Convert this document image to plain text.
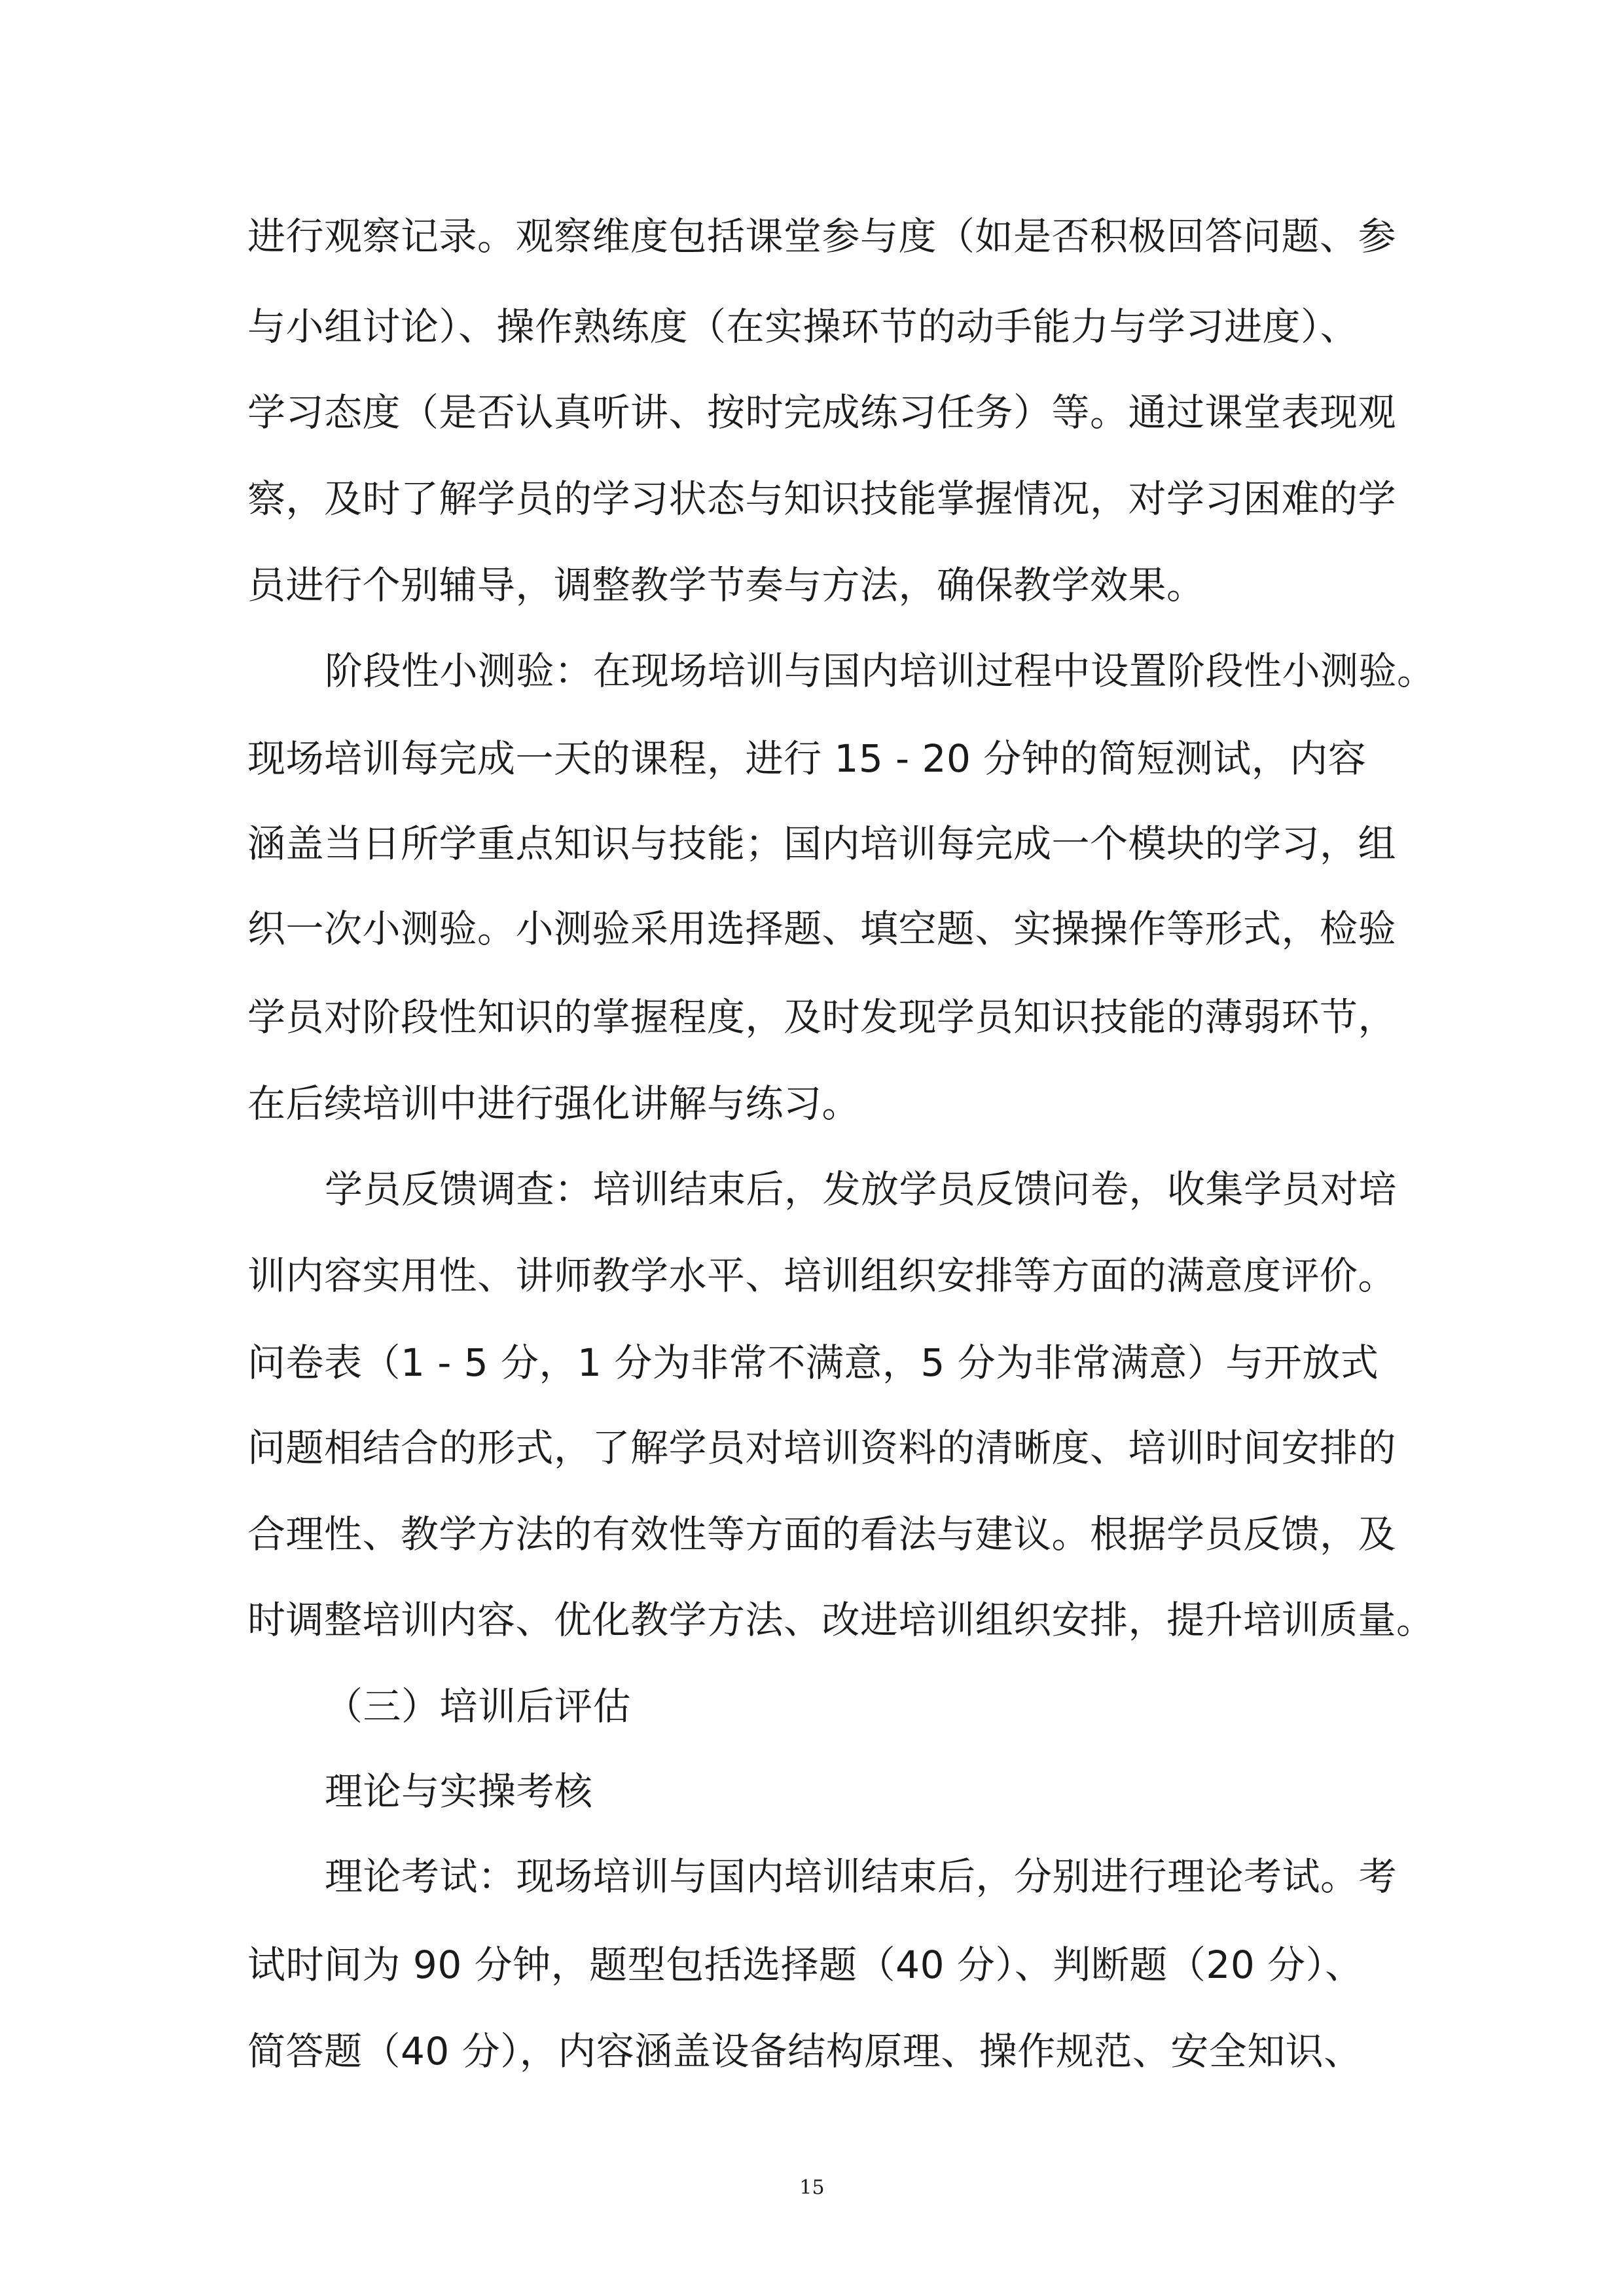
进行观察记录。观察维度包括课堂参与度（如是否积极回答问题、参
与小组讨论）、操作熟练度（在实操环节的动手能力与学习进度）、
学习态度（是否认真听讲、按时完成练习任务）等。通过课堂表现观
察，及时了解学员的学习状态与知识技能掌握情况，对学习困难的学
员进行个别辅导，调整教学节奏与方法，确保教学效果。
阶段性小测验：在现场培训与国内培训过程中设置阶段性小测验。
现场培训每完成一天的课程，进行 15 - 20 分钟的简短测试，内容
涵盖当日所学重点知识与技能；国内培训每完成一个模块的学习，组
织一次小测验。小测验采用选择题、填空题、实操操作等形式，检验
学员对阶段性知识的掌握程度，及时发现学员知识技能的薄弱环节，
在后续培训中进行强化讲解与练习。
学员反馈调查：培训结束后，发放学员反馈问卷，收集学员对培
训内容实用性、讲师教学水平、培训组织安排等方面的满意度评价。
问卷表（1 - 5 分，1 分为非常不满意，5 分为非常满意）与开放式
问题相结合的形式，了解学员对培训资料的清晰度、培训时间安排的
合理性、教学方法的有效性等方面的看法与建议。根据学员反馈，及
时调整培训内容、优化教学方法、改进培训组织安排，提升培训质量。
（三）培训后评估
理论与实操考核
理论考试：现场培训与国内培训结束后，分别进行理论考试。考
试时间为 90 分钟，题型包括选择题（40 分）、判断题（20 分）、
简答题（40 分），内容涵盖设备结构原理、操作规范、安全知识、
15
